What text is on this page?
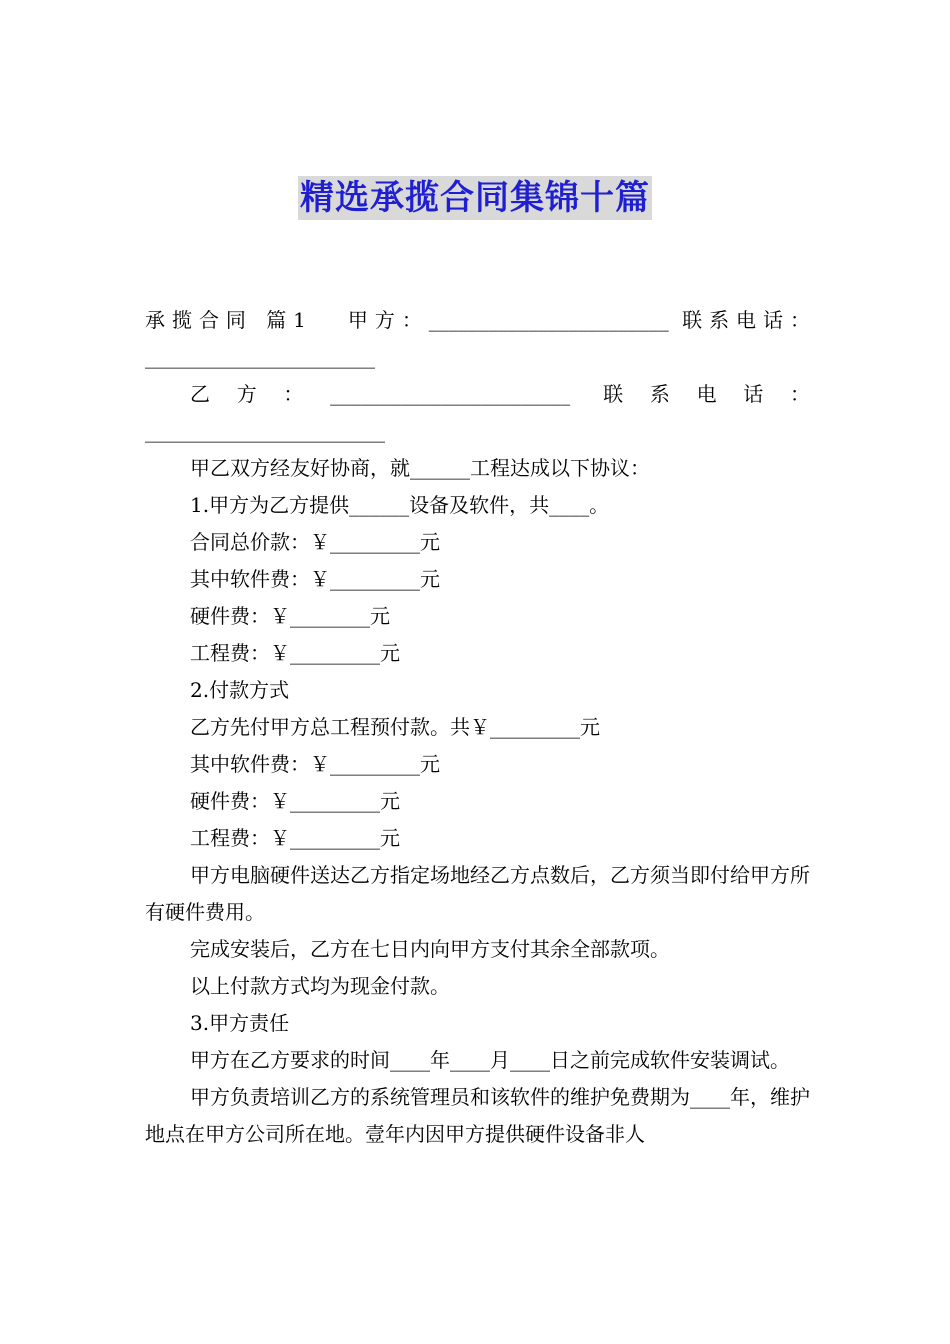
精选承揽合同集锦十篇

承揽合同 篇1 甲方：________________________ 联系电话：_______________________

乙方：________________________ 联系电话：________________________

甲乙双方经友好协商，就______工程达成以下协议：

1.甲方为乙方提供______设备及软件，共____。

合同总价款：￥_________元

其中软件费：￥_________元

硬件费：￥________元

工程费：￥_________元

2.付款方式

乙方先付甲方总工程预付款。共￥_________元

其中软件费：￥_________元

硬件费：￥_________元

工程费：￥_________元

甲方电脑硬件送达乙方指定场地经乙方点数后，乙方须当即付给甲方所有硬件费用。

完成安装后，乙方在七日内向甲方支付其余全部款项。

以上付款方式均为现金付款。

3.甲方责任

甲方在乙方要求的时间____年____月____日之前完成软件安装调试。

甲方负责培训乙方的系统管理员和该软件的维护免费期为____年，维护地点在甲方公司所在地。壹年内因甲方提供硬件设备非人
